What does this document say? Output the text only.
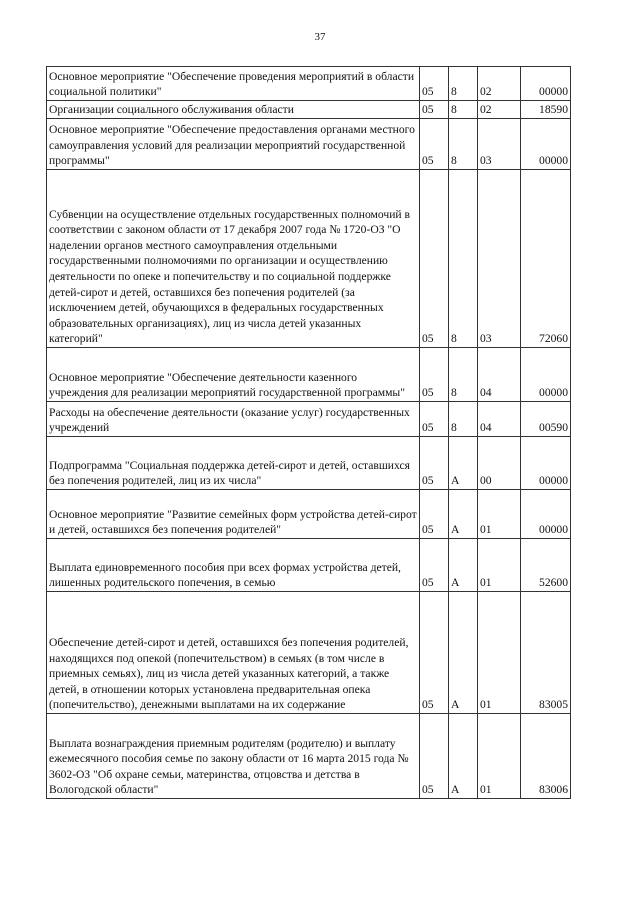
37
Основное мероприятие "Обеспечение проведения мероприятий в области социальной политики"	05	8	02	00000
Организации социального обслуживания области	05	8	02	18590
Основное мероприятие "Обеспечение предоставления органами местного самоуправления условий для реализации мероприятий государственной программы"	05	8	03	00000
Субвенции на осуществление отдельных государственных полномочий в соответствии с законом области от 17 декабря 2007 года № 1720-ОЗ "О наделении органов местного самоуправления отдельными государственными полномочиями по организации и осуществлению деятельности по опеке и попечительству и по социальной поддержке детей-сирот и детей, оставшихся без попечения родителей (за исключением детей, обучающихся в федеральных государственных образовательных организациях), лиц из числа детей указанных категорий"	05	8	03	72060
Основное мероприятие "Обеспечение деятельности казенного учреждения для реализации мероприятий государственной программы"	05	8	04	00000
Расходы на обеспечение деятельности (оказание услуг) государственных учреждений	05	8	04	00590
Подпрограмма "Социальная поддержка детей-сирот и детей, оставшихся без попечения родителей, лиц из их числа"	05	А	00	00000
Основное мероприятие "Развитие семейных форм устройства детей-сирот и детей, оставшихся без попечения родителей"	05	А	01	00000
Выплата единовременного пособия при всех формах устройства детей, лишенных родительского попечения, в семью	05	А	01	52600
Обеспечение детей-сирот и детей, оставшихся без попечения родителей, находящихся под опекой (попечительством) в семьях (в том числе в приемных семьях), лиц из числа детей указанных категорий, а также детей, в отношении которых установлена предварительная опека (попечительство), денежными выплатами на их содержание	05	А	01	83005
Выплата вознаграждения приемным родителям (родителю) и выплату ежемесячного пособия семье по закону области от 16 марта 2015 года № 3602-ОЗ "Об охране семьи, материнства, отцовства и детства в Вологодской области"	05	А	01	83006
